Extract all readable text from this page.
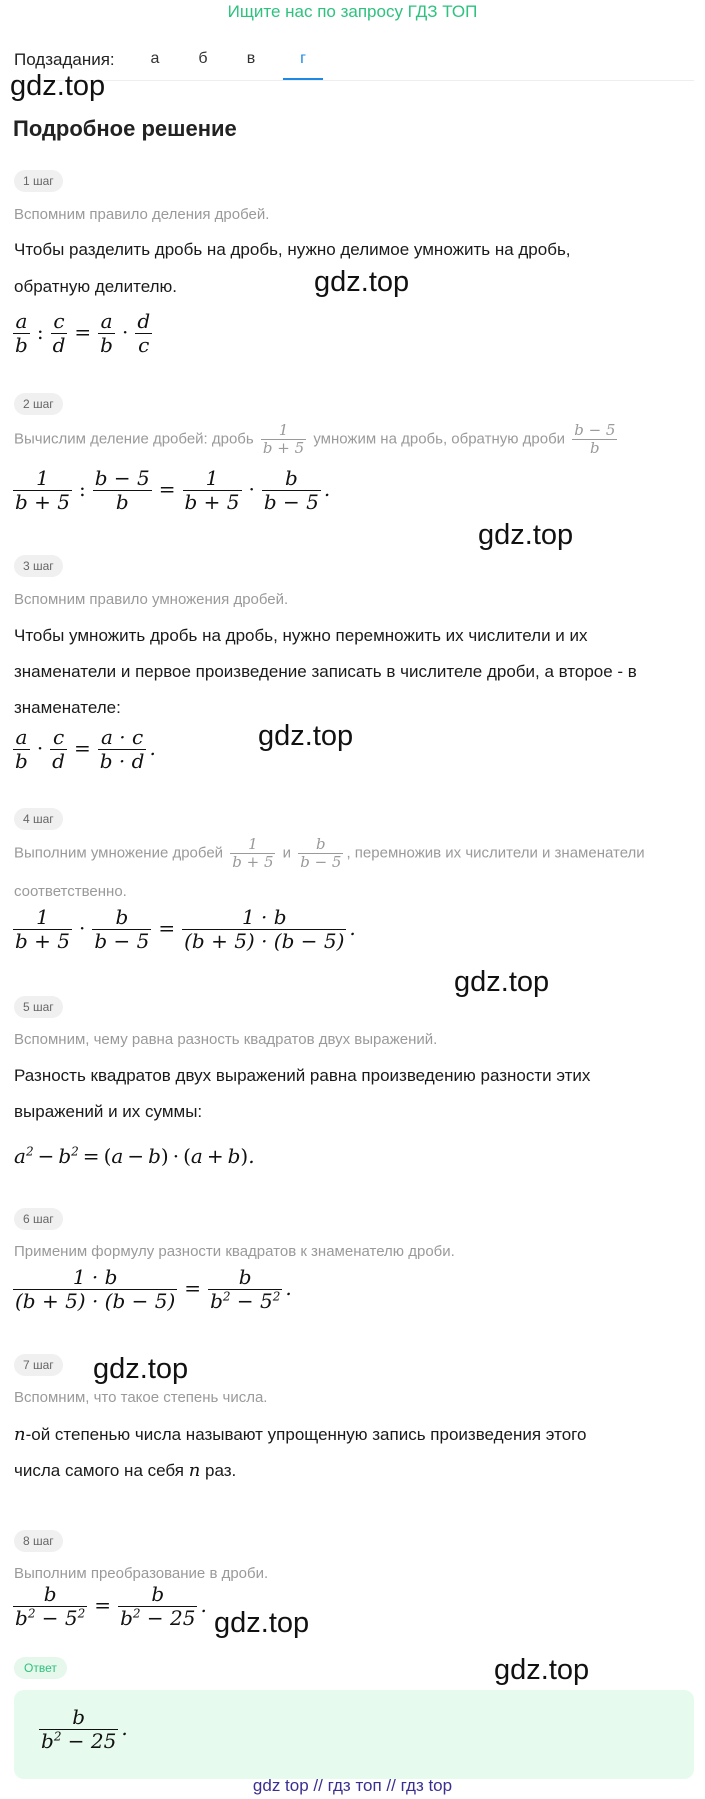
Ищите нас по запросу ГДЗ ТОП
Подзадания:	а	б	в	г
gdz.top
gdz.top
gdz.top
gdz.top
gdz.top
gdz.top
gdz.top
gdz.top
Подробное решение
1 шаг
Вспомним правило деления дробей.
Чтобы разделить дробь на дробь, нужно делимое умножить на дробь,
обратную делителю.
$\frac{a}{b}$ : $\frac{c}{d} = \frac{a}{b} \cdot \frac{d}{c}$
2 шаг
Вычислим деление дробей: дробь $\frac{1}{b + 5}$ умножим на дробь, обратную дроби $\frac{b - 5}{b}$
$\frac{1}{b + 5}$ : $\frac{b - 5}{b} = \frac{1}{b + 5} \cdot \frac{b}{b - 5}$ .
3 шаг
Вспомним правило умножения дробей.
Чтобы умножить дробь на дробь, нужно перемножить их числители и их
знаменатели и первое произведение записать в числителе дроби, а второе - в
знаменателе:
$\frac{a}{b} \cdot \frac{c}{d} = \frac{a \cdot c}{b \cdot d}$ .
4 шаг
Выполним умножение дробей $\frac{1}{b + 5}$ и $\frac{b}{b - 5}$ , перемножив их числители и знаменатели
соответственно.
$\frac{1}{b + 5} \cdot \frac{b}{b - 5} = \frac{1 \cdot b}{(b + 5) \cdot (b - 5)}$ .
5 шаг
Вспомним, чему равна разность квадратов двух выражений.
Разность квадратов двух выражений равна произведению разности этих
выражений и их суммы:
$a^2 - b^2 = (a - b) \cdot (a + b)$.
6 шаг
Применим формулу разности квадратов к знаменателю дроби.
$\frac{1 \cdot b}{(b + 5) \cdot (b - 5)} = \frac{b}{b^2 - 5^2}$ .
7 шаг
Вспомним, что такое степень числа.
n-ой степенью числа называют упрощенную запись произведения этого
числа самого на себя n раз.
8 шаг
Выполним преобразование в дроби.
$\frac{b}{b^2 - 5^2} = \frac{b}{b^2 - 25}$ .
Ответ
$\frac{b}{b^2 - 25}$ .
gdz top // гдз топ // гдз top
